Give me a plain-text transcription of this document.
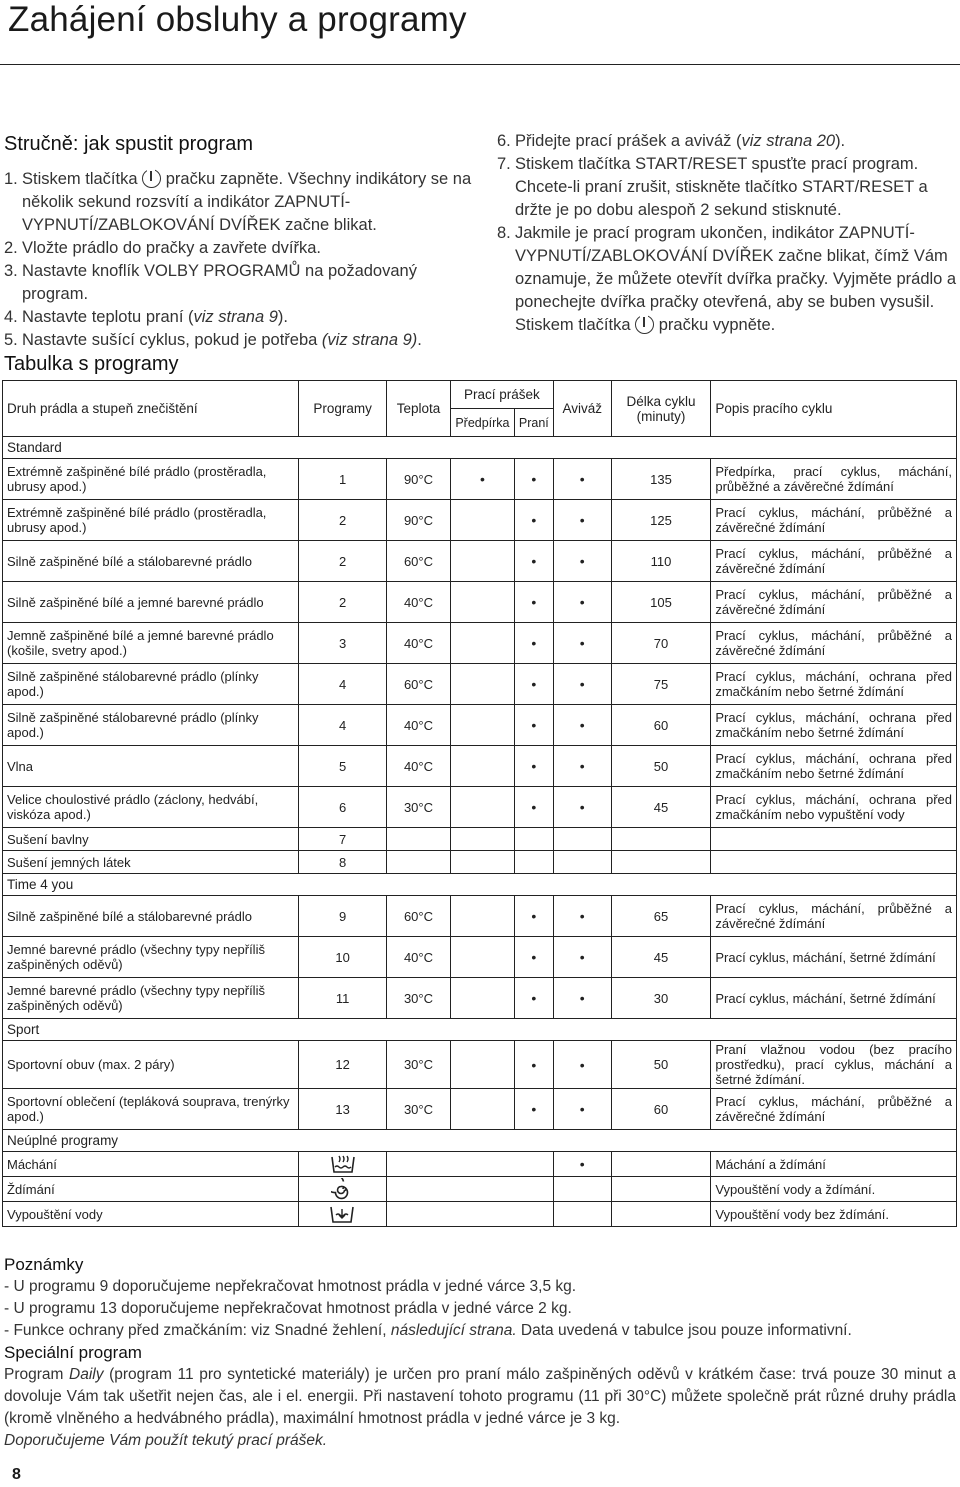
Zahájení obsluhy a programy
Stručně: jak spustit program
1. Stiskem tlačítka pračku zapněte. Všechny indikátory se na několik sekund rozsvítí a indikátor ZAPNUTÍ-VYPNUTÍ/ZABLOKOVÁNÍ DVÍŘEK začne blikat.
2. Vložte prádlo do pračky a zavřete dvířka.
3. Nastavte knoflík VOLBY PROGRAMŮ na požadovaný program.
4. Nastavte teplotu praní (viz strana 9).
5. Nastavte sušící cyklus, pokud je potřeba (viz strana 9).
6. Přidejte prací prášek a aviváž (viz strana 20).
7. Stiskem tlačítka START/RESET spusťte prací program. Chcete-li praní zrušit, stiskněte tlačítko START/RESET a držte je po dobu alespoň 2 sekund stisknuté.
8. Jakmile je prací program ukončen, indikátor ZAPNUTÍ-VYPNUTÍ/ZABLOKOVÁNÍ DVÍŘEK začne blikat, čímž Vám oznamuje, že můžete otevřít dvířka pračky. Vyjměte prádlo a ponechejte dvířka pračky otevřená, aby se buben vysušil. Stiskem tlačítka pračku vypněte.
Tabulka s programy
Druh prádla a stupeň znečištění	Programy	Teplota	Prací prášek		Aviváž	Délka cyklu (minuty)	Popis pracího cyklu
			Předpírka	Praní			
Standard							
Extrémně zašpiněné bílé prádlo (prostěradla, ubrusy apod.)	1	90°C	•	•	•	135	Předpírka, prací cyklus, máchání, průběžné a závěrečné ždímání
Extrémně zašpiněné bílé prádlo (prostěradla, ubrusy apod.)	2	90°C		•	•	125	Prací cyklus, máchání, průběžné a závěrečné ždímání
Silně zašpiněné bílé a stálobarevné prádlo	2	60°C		•	•	110	Prací cyklus, máchání, průběžné a závěrečné ždímání
Silně zašpiněné bílé a jemné barevné prádlo	2	40°C		•	•	105	Prací cyklus, máchání, průběžné a závěrečné ždímání
Jemně zašpiněné bílé a jemné barevné prádlo (košile, svetry apod.)	3	40°C		•	•	70	Prací cyklus, máchání, průběžné a závěrečné ždímání
Silně zašpiněné stálobarevné prádlo (plínky apod.)	4	60°C		•	•	75	Prací cyklus, máchání, ochrana před zmačkáním nebo šetrné ždímání
Silně zašpiněné stálobarevné prádlo (plínky apod.)	4	40°C		•	•	60	Prací cyklus, máchání, ochrana před zmačkáním nebo šetrné ždímání
Vlna	5	40°C		•	•	50	Prací cyklus, máchání, ochrana před zmačkáním nebo šetrné ždímání
Velice choulostivé prádlo (záclony, hedvábí, viskóza apod.)	6	30°C		•	•	45	Prací cyklus, máchání, ochrana před zmačkáním nebo vypuštění vody
Sušení bavlny	7						
Sušení jemných látek	8						
Time 4 you							
Silně zašpiněné bílé a stálobarevné prádlo	9	60°C		•	•	65	Prací cyklus, máchání, průběžné a závěrečné ždímání
Jemné barevné prádlo (všechny typy nepříliš zašpiněných oděvů)	10	40°C		•	•	45	Prací cyklus, máchání, šetrné ždímání
Jemné barevné prádlo (všechny typy nepříliš zašpiněných oděvů)	11	30°C		•	•	30	Prací cyklus, máchání, šetrné ždímání
Sport							
Sportovní obuv (max. 2 páry)	12	30°C		•	•	50	Praní vlažnou vodou (bez pracího prostředku), prací cyklus, máchání a šetrné ždímání.
Sportovní oblečení (tepláková souprava, trenýrky apod.)	13	30°C		•	•	60	Prací cyklus, máchání, průběžné a závěrečné ždímání
Neúplné programy							
Máchání					•		Máchání a ždímání
Ždímání							Vypouštění vody a ždímání.
Vypouštění vody							Vypouštění vody bez ždímání.
Poznámky
- U programu 9 doporučujeme nepřekračovat hmotnost prádla v jedné várce 3,5 kg.
- U programu 13 doporučujeme nepřekračovat hmotnost prádla v jedné várce 2 kg.
- Funkce ochrany před zmačkáním: viz Snadné žehlení, následující strana. Data uvedená v tabulce jsou pouze informativní.
Speciální program
Program Daily (program 11 pro syntetické materiály) je určen pro praní málo zašpiněných oděvů v krátkém čase: trvá pouze 30 minut a dovoluje Vám tak ušetřit nejen čas, ale i el. energii. Při nastavení tohoto programu (11 při 30°C) můžete společně prát různé druhy prádla (kromě vlněného a hedvábného prádla), maximální hmotnost prádla v jedné várce je 3 kg.
Doporučujeme Vám použít tekutý prací prášek.
8
